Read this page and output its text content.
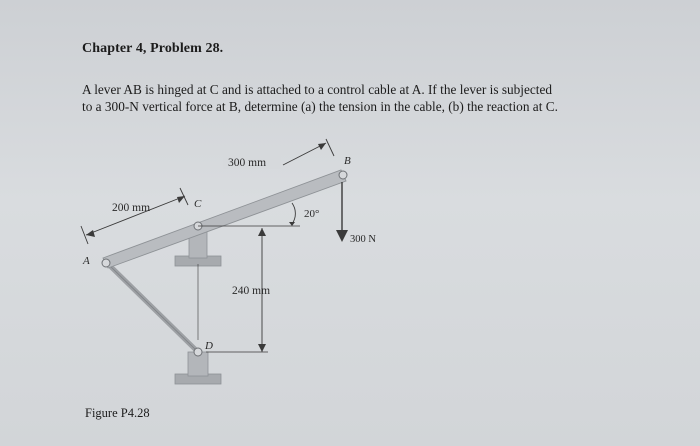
Chapter 4, Problem 28.
A lever AB is hinged at C and is attached to a control cable at A. If the lever is subjected
to a 300-N vertical force at B, determine (a) the tension in the cable, (b) the reaction at C.
300 mm
200 mm
240 mm
20°
300 N
A
B
C
D
Figure P4.28
